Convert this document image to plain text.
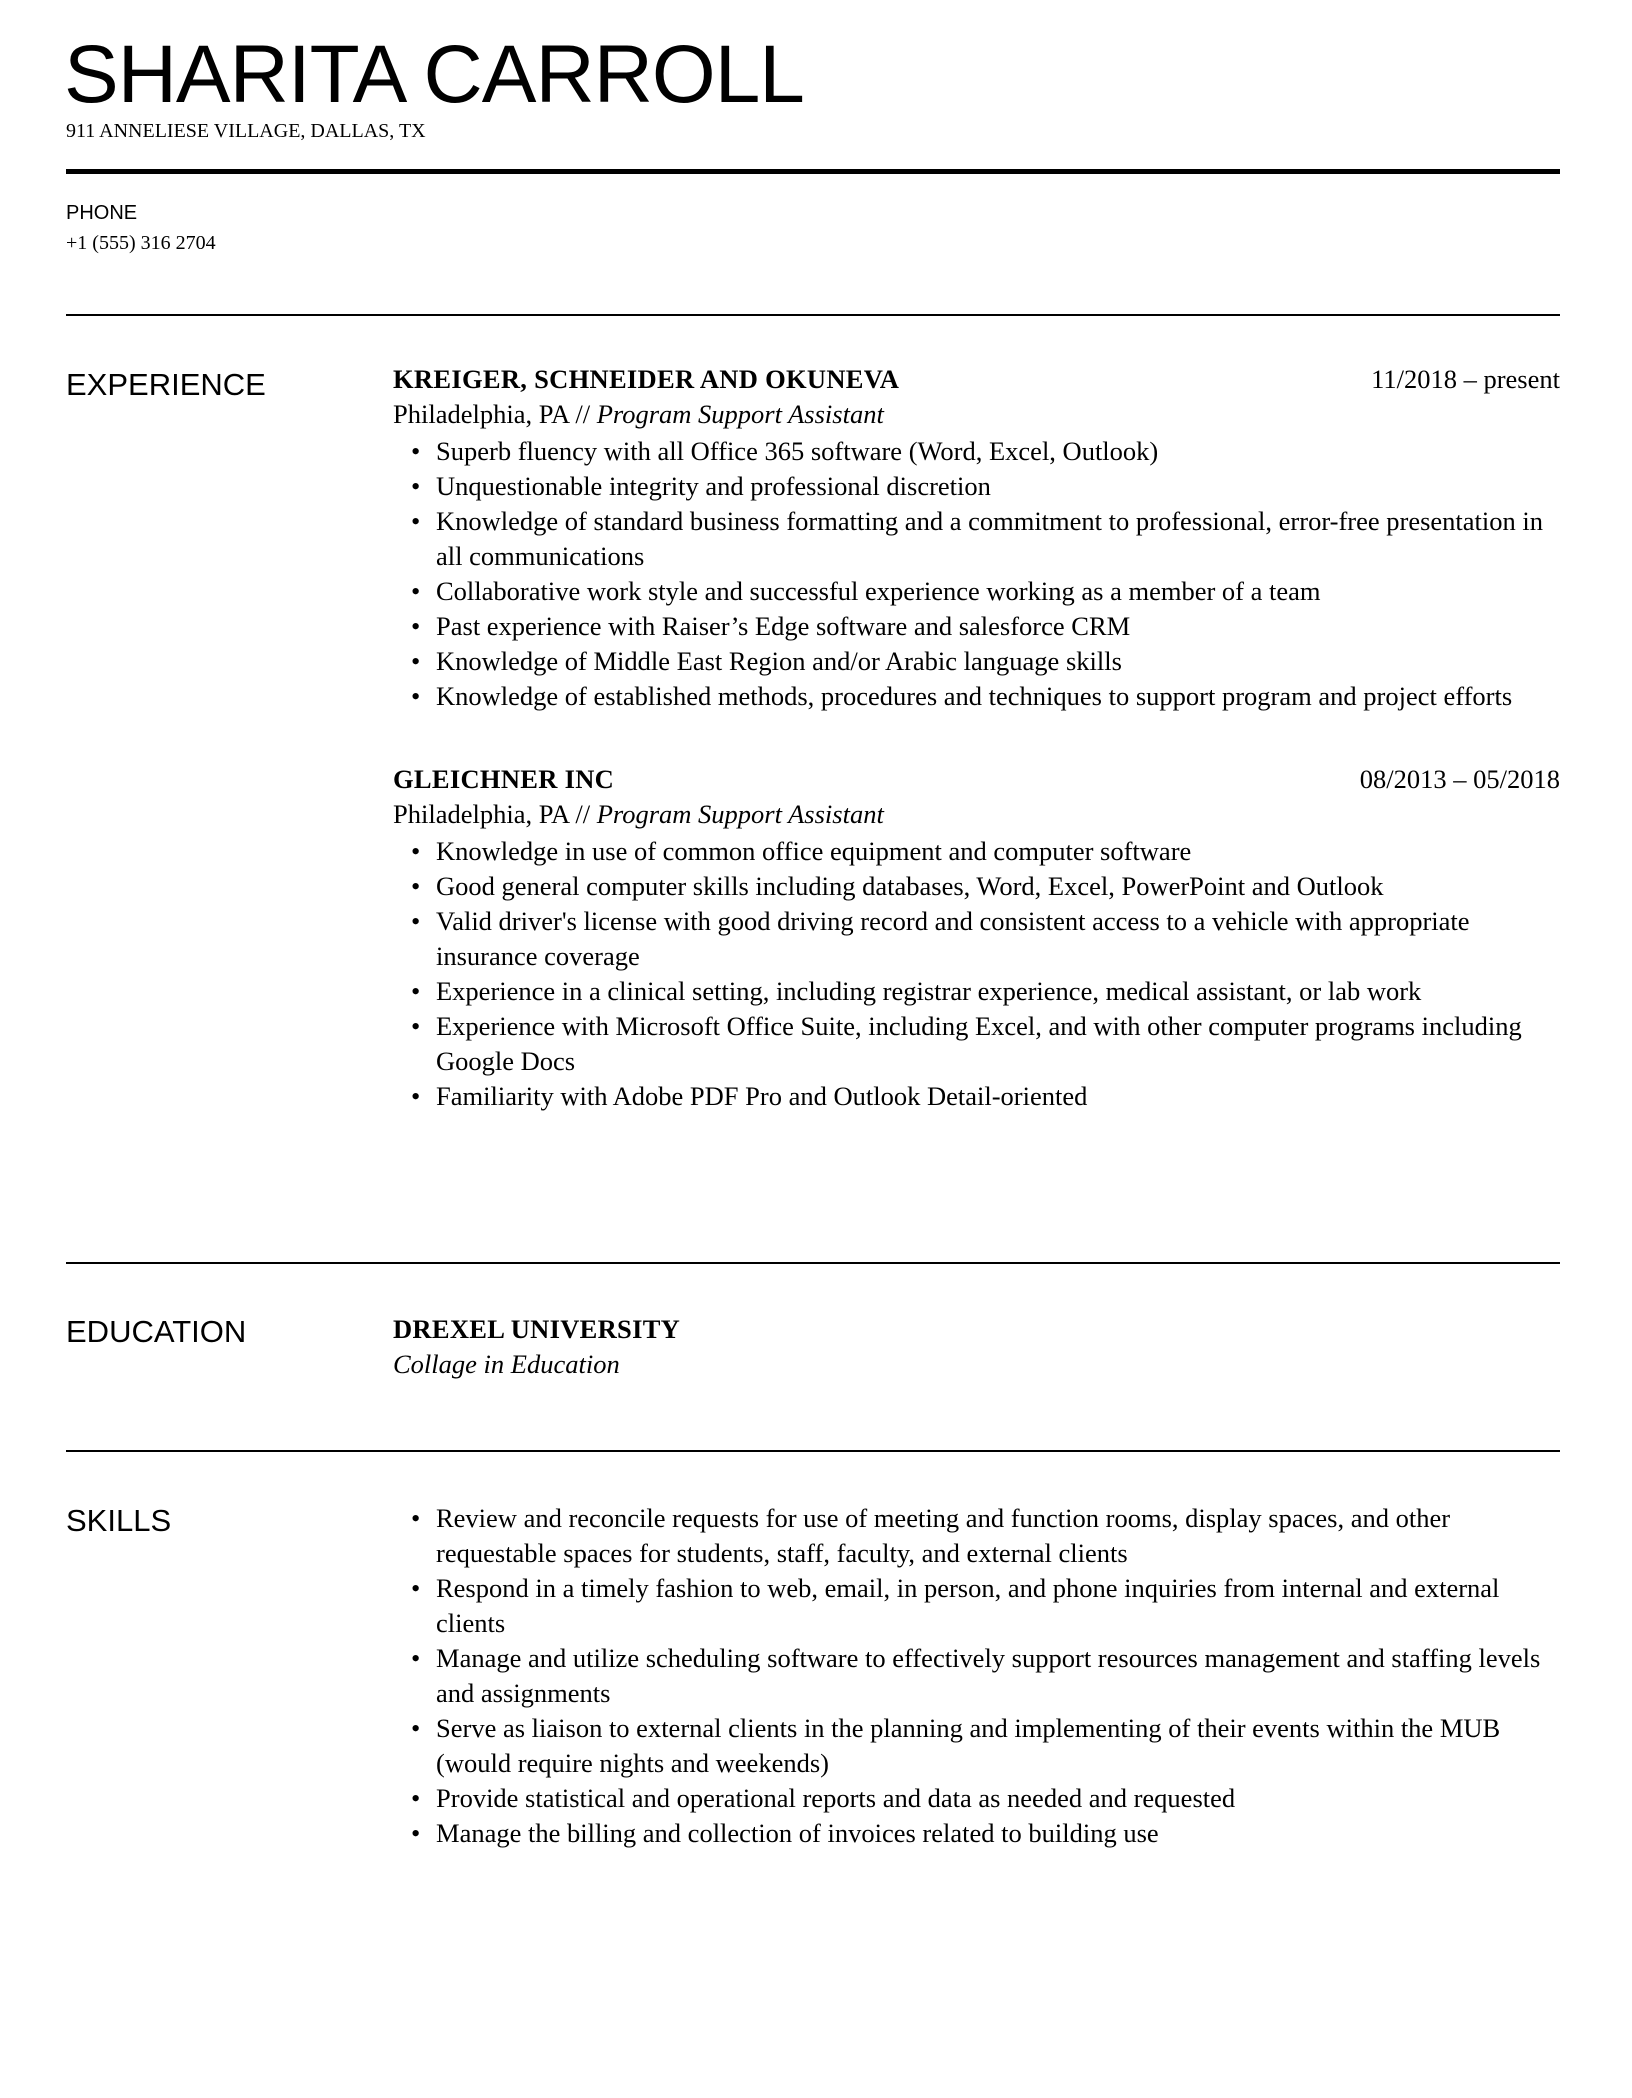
SHARITA CARROLL
911 ANNELIESE VILLAGE, DALLAS, TX
PHONE
+1 (555) 316 2704
EXPERIENCE	KREIGER, SCHNEIDER AND OKUNEVA	11/2018 – present
Philadelphia, PA // Program Support Assistant
• Superb fluency with all Office 365 software (Word, Excel, Outlook)
• Unquestionable integrity and professional discretion
• Knowledge of standard business formatting and a commitment to professional, error-free presentation in all communications
• Collaborative work style and successful experience working as a member of a team
• Past experience with Raiser’s Edge software and salesforce CRM
• Knowledge of Middle East Region and/or Arabic language skills
• Knowledge of established methods, procedures and techniques to support program and project efforts
GLEICHNER INC	08/2013 – 05/2018
Philadelphia, PA // Program Support Assistant
• Knowledge in use of common office equipment and computer software
• Good general computer skills including databases, Word, Excel, PowerPoint and Outlook
• Valid driver's license with good driving record and consistent access to a vehicle with appropriate insurance coverage
• Experience in a clinical setting, including registrar experience, medical assistant, or lab work
• Experience with Microsoft Office Suite, including Excel, and with other computer programs including Google Docs
• Familiarity with Adobe PDF Pro and Outlook Detail-oriented
EDUCATION	DREXEL UNIVERSITY
Collage in Education
SKILLS	• Review and reconcile requests for use of meeting and function rooms, display spaces, and other requestable spaces for students, staff, faculty, and external clients
• Respond in a timely fashion to web, email, in person, and phone inquiries from internal and external clients
• Manage and utilize scheduling software to effectively support resources management and staffing levels and assignments
• Serve as liaison to external clients in the planning and implementing of their events within the MUB (would require nights and weekends)
• Provide statistical and operational reports and data as needed and requested
• Manage the billing and collection of invoices related to building use
